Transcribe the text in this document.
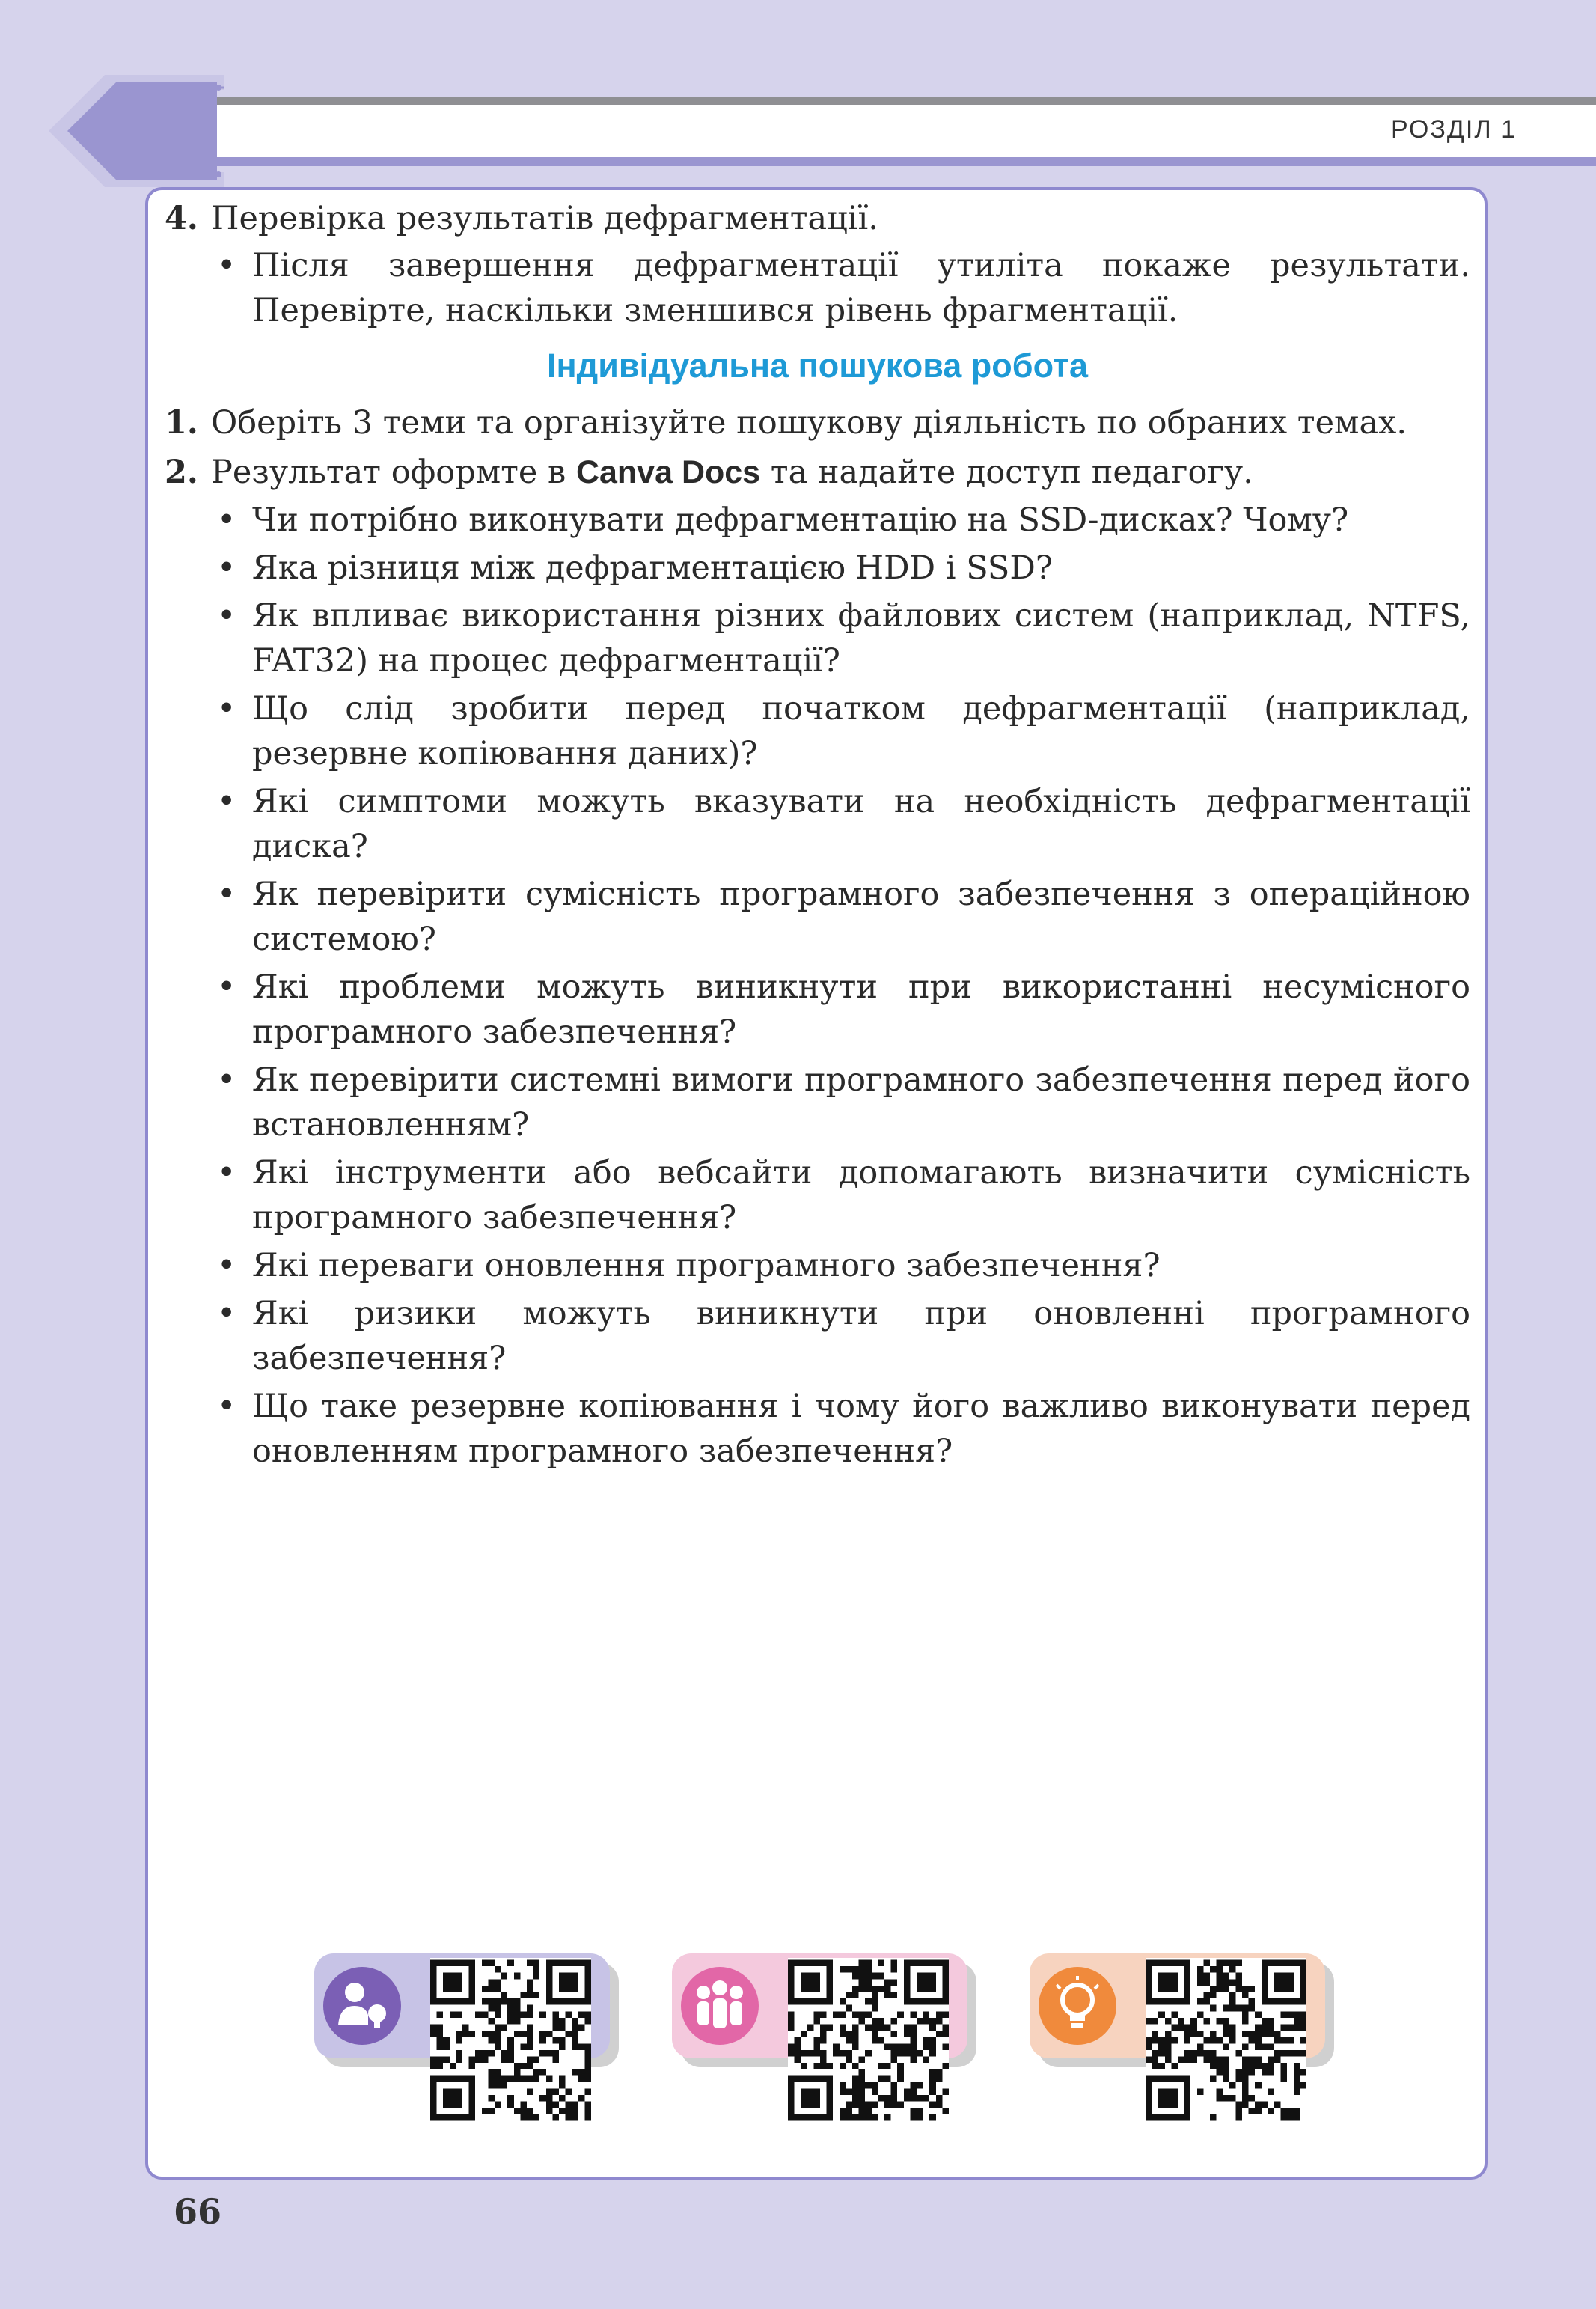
РОЗДІЛ 1

4. Перевірка результатів дефрагментації.

• Після завершення дефрагментації утиліта покаже результати. Перевірте, наскільки зменшився рівень фрагментації.

Індивідуальна пошукова робота

1. Оберіть 3 теми та організуйте пошукову діяльність по обраних темах.

2. Результат оформте в Canva Docs та надайте доступ педагогу.

• Чи потрібно виконувати дефрагментацію на SSD-дисках? Чому?

• Яка різниця між дефрагментацією HDD і SSD?

• Як впливає використання різних файлових систем (наприклад, NTFS, FAT32) на процес дефрагментації?

• Що слід зробити перед початком дефрагментації (наприклад, резервне копіювання даних)?

• Які симптоми можуть вказувати на необхідність дефрагментації диска?

• Як перевірити сумісність програмного забезпечення з операційною системою?

• Які проблеми можуть виникнути при використанні несумісного програмного забезпечення?

• Як перевірити системні вимоги програмного забезпечення перед його встановленням?

• Які інструменти або вебсайти допомагають визначити сумісність програмного забезпечення?

• Які переваги оновлення програмного забезпечення?

• Які ризики можуть виникнути при оновленні програмного забезпечення?

• Що таке резервне копіювання і чому його важливо виконувати перед оновленням програмного забезпечення?

66
